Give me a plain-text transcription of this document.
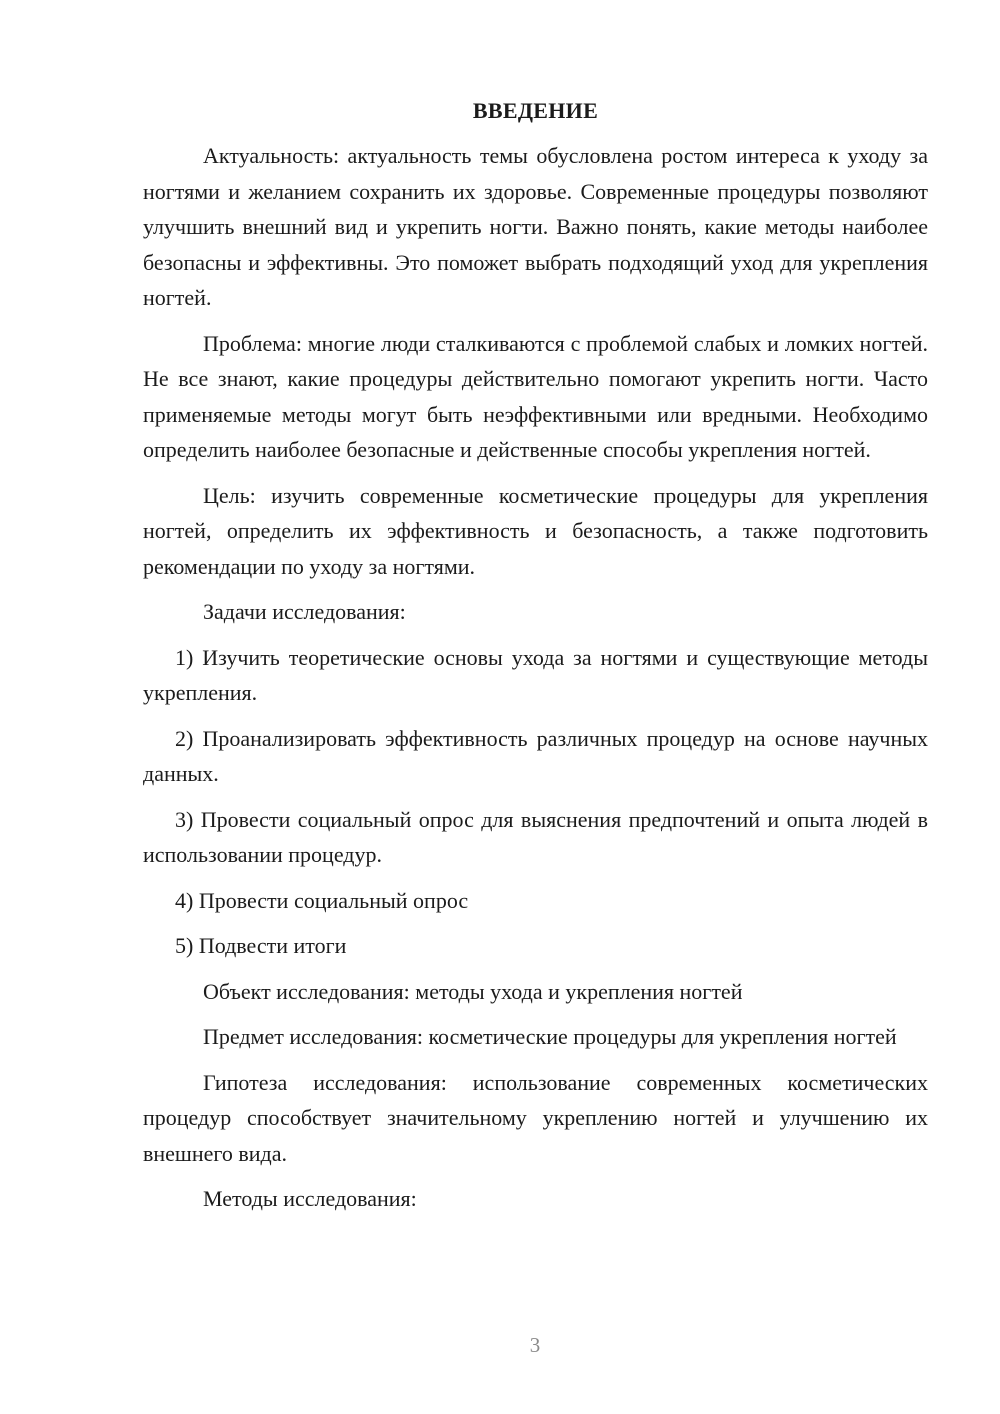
ВВЕДЕНИЕ

Актуальность: актуальность темы обусловлена ростом интереса к уходу за ногтями и желанием сохранить их здоровье. Современные процедуры позволяют улучшить внешний вид и укрепить ногти. Важно понять, какие методы наиболее безопасны и эффективны. Это поможет выбрать подходящий уход для укрепления ногтей.

Проблема: многие люди сталкиваются с проблемой слабых и ломких ногтей. Не все знают, какие процедуры действительно помогают укрепить ногти. Часто применяемые методы могут быть неэффективными или вредными. Необходимо определить наиболее безопасные и действенные способы укрепления ногтей.

Цель: изучить современные косметические процедуры для укрепления ногтей, определить их эффективность и безопасность, а также подготовить рекомендации по уходу за ногтями.

Задачи исследования:

1) Изучить теоретические основы ухода за ногтями и существующие методы укрепления.

2) Проанализировать эффективность различных процедур на основе научных данных.

3) Провести социальный опрос для выяснения предпочтений и опыта людей в использовании процедур.

4) Провести социальный опрос

5) Подвести итоги

Объект исследования: методы ухода и укрепления ногтей

Предмет исследования: косметические процедуры для укрепления ногтей

Гипотеза исследования: использование современных косметических процедур способствует значительному укреплению ногтей и улучшению их внешнего вида.

Методы исследования:

3
